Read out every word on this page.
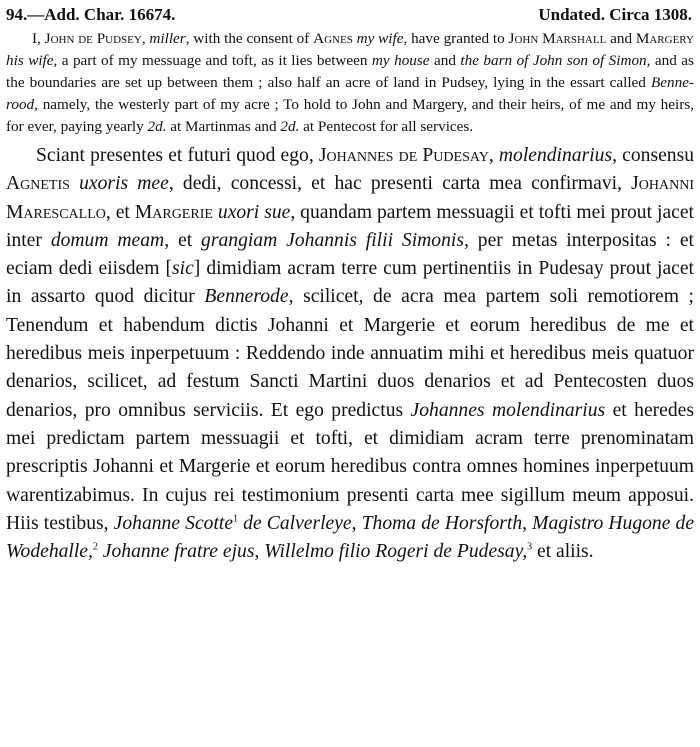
94.—Add. Char. 16674.	Undated. Circa 1308.

I, John de Pudsey, miller, with the consent of Agnes my wife, have granted to John Marshall and Margery his wife, a part of my messuage and toft, as it lies between my house and the barn of John son of Simon, and as the boundaries are set up between them ; also half an acre of land in Pudsey, lying in the essart called Benne-rood, namely, the westerly part of my acre ; To hold to John and Margery, and their heirs, of me and my heirs, for ever, paying yearly 2d. at Martinmas and 2d. at Pentecost for all services.

Sciant presentes et futuri quod ego, Johannes de Pudesay, molendinarius, consensu Agnetis uxoris mee, dedi, concessi, et hac presenti carta mea confirmavi, Johanni Marescallo, et Margerie uxori sue, quandam partem messuagii et tofti mei prout jacet inter domum meam, et grangiam Johannis filii Simonis, per metas interpositas : et eciam dedi eiisdem [sic] dimidiam acram terre cum pertinentiis in Pudesay prout jacet in assarto quod dicitur Bennerode, scilicet, de acra mea partem soli remotiorem ; Tenendum et habendum dictis Johanni et Margerie et eorum heredibus de me et heredibus meis inperpetuum : Reddendo inde annuatim mihi et heredibus meis quatuor denarios, scilicet, ad festum Sancti Martini duos denarios et ad Pentecosten duos denarios, pro omnibus serviciis. Et ego predictus Johannes molendinarius et heredes mei predictam partem messuagii et tofti, et dimidiam acram terre prenominatam prescriptis Johanni et Margerie et eorum heredibus contra omnes homines inperpetuum warentizabimus. In cujus rei testimonium presenti carta mee sigillum meum apposui. Hiis testibus, Johanne Scotte$^1$ de Calverleye, Thoma de Horsforth, Magistro Hugone de Wodehalle,$^2$ Johanne fratre ejus, Willelmo filio Rogeri de Pudesay,$^3$ et aliis.
